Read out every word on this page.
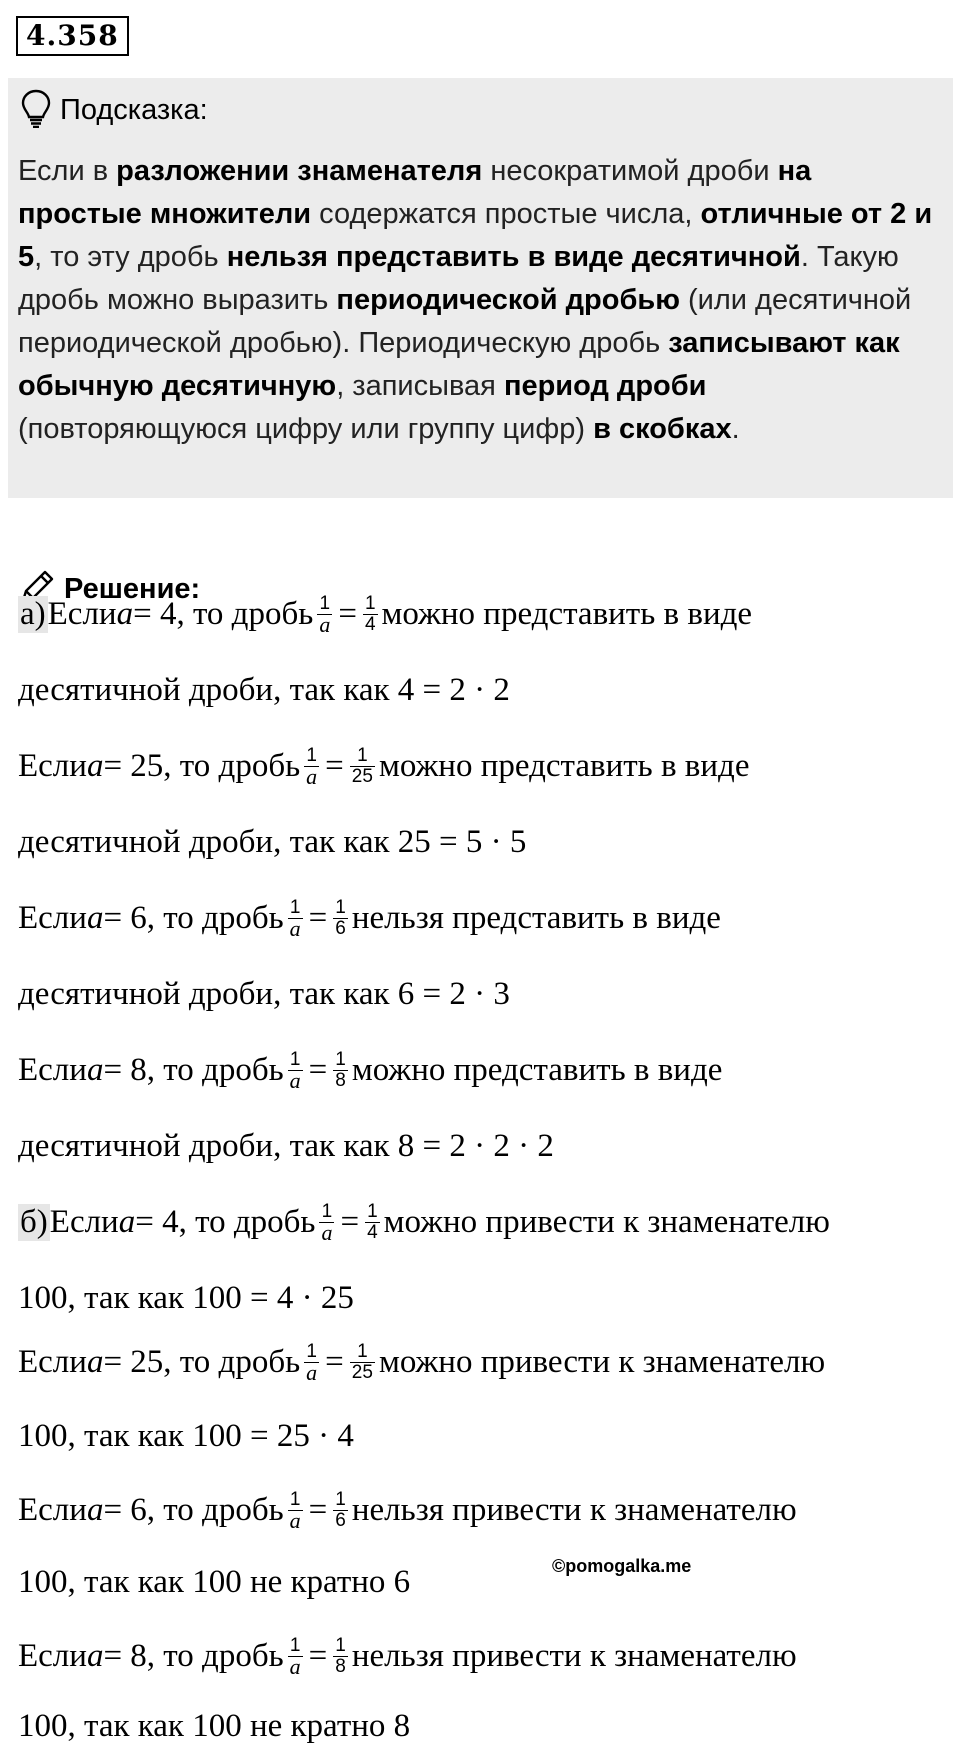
4.358
Подсказка:
Если в разложении знаменателя несократимой дроби на простые множители содержатся простые числа, отличные от 2 и 5, то эту дробь нельзя представить в виде десятичной. Такую дробь можно выразить периодической дробью (или десятичной периодической дробью). Периодическую дробь записывают как обычную десятичную, записывая период дроби (повторяющуюся цифру или группу цифр) в скобках.
Решение:
а) Если a = 4, то дробь $\frac{1}{a} = \frac{1}{4}$ можно представить в виде
десятичной дроби, так как 4 = 2 · 2
Если a = 25, то дробь $\frac{1}{a} = \frac{1}{25}$ можно представить в виде
десятичной дроби, так как 25 = 5 · 5
Если a = 6, то дробь $\frac{1}{a} = \frac{1}{6}$ нельзя представить в виде
десятичной дроби, так как 6 = 2 · 3
Если a = 8, то дробь $\frac{1}{a} = \frac{1}{8}$ можно представить в виде
десятичной дроби, так как 8 = 2 · 2 · 2
б) Если a = 4, то дробь $\frac{1}{a} = \frac{1}{4}$ можно привести к знаменателю
100, так как 100 = 4 · 25
Если a = 25, то дробь $\frac{1}{a} = \frac{1}{25}$ можно привести к знаменателю
100, так как 100 = 25 · 4
Если a = 6, то дробь $\frac{1}{a} = \frac{1}{6}$ нельзя привести к знаменателю
100, так как 100 не кратно 6
Если a = 8, то дробь $\frac{1}{a} = \frac{1}{8}$ нельзя привести к знаменателю
100, так как 100 не кратно 8
©pomogalka.me
